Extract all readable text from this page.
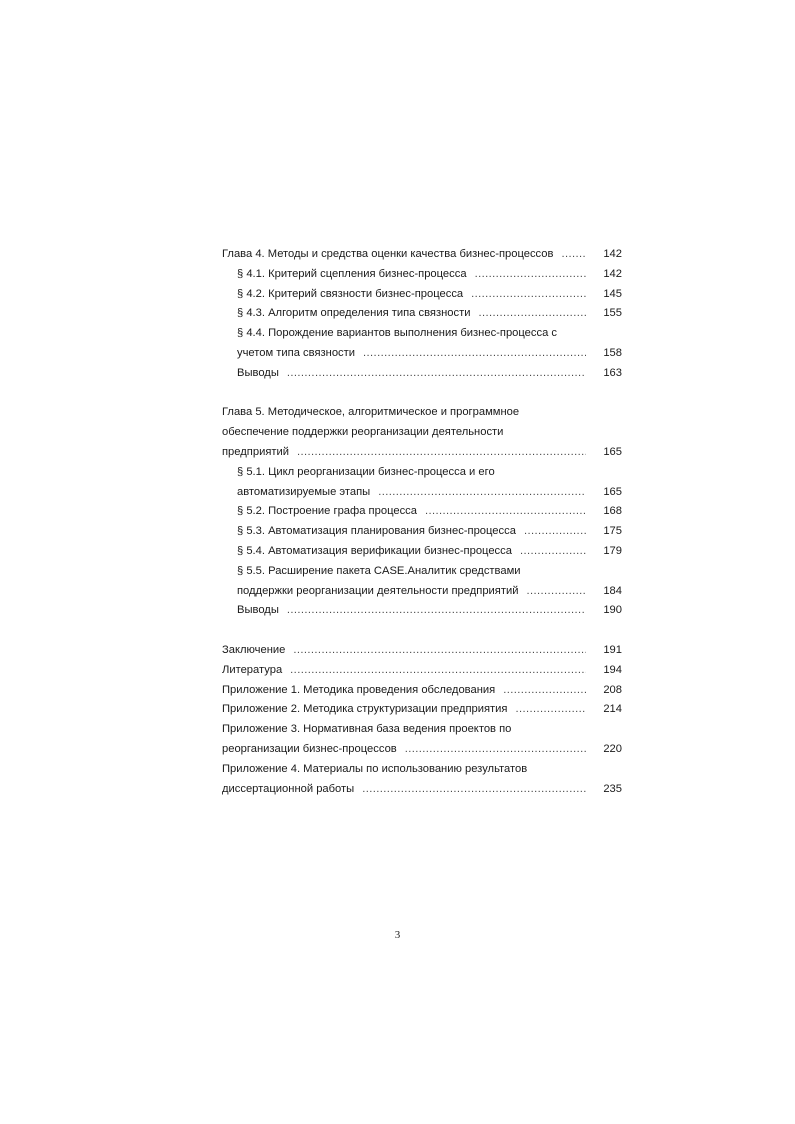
Глава 4. Методы и средства оценки качества бизнес-процессов .....	142
§ 4.1. Критерий сцепления бизнес-процесса .....	142
§ 4.2. Критерий связности бизнес-процесса .....	145
§ 4.3. Алгоритм определения типа связности .....	155
§ 4.4. Порождение вариантов выполнения бизнес-процесса с
учетом типа связности .....	158
Выводы .....	163
Глава 5. Методическое, алгоритмическое и программное
обеспечение поддержки реорганизации деятельности
предприятий .....	165
§ 5.1. Цикл реорганизации бизнес-процесса и его
автоматизируемые этапы .....	165
§ 5.2. Построение графа процесса .....	168
§ 5.3. Автоматизация планирования бизнес-процесса .....	175
§ 5.4. Автоматизация верификации бизнес-процесса .....	179
§ 5.5. Расширение пакета CASE.Аналитик средствами
поддержки реорганизации деятельности предприятий .....	184
Выводы .....	190
Заключение .....	191
Литература .....	194
Приложение 1. Методика проведения обследования .....	208
Приложение 2. Методика структуризации предприятия .....	214
Приложение 3. Нормативная база ведения проектов по
реорганизации бизнес-процессов .....	220
Приложение 4. Материалы по использованию результатов
диссертационной работы .....	235
3
